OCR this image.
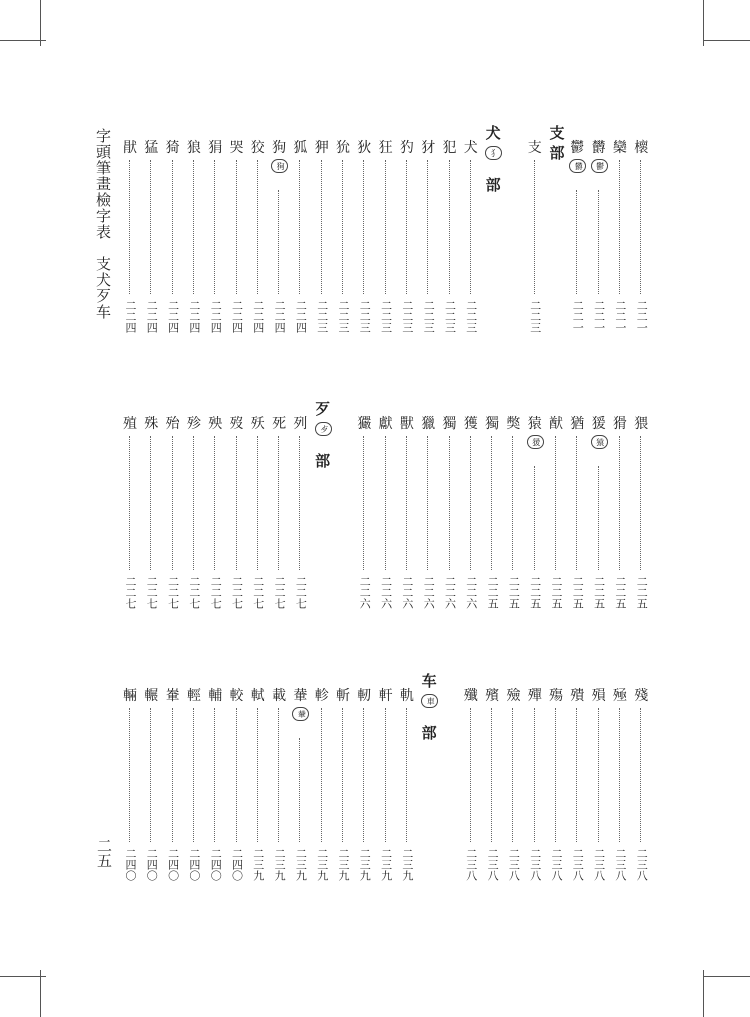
字頭筆畫檢字表　支犬歹车
二五
支
部
犬
犭
部
櫰
二二一
欒
二二一
欝
鬱
二二一
鬱
欝
二二一
支
二二三
犬
二二三
犯
二二三
犲
二二三
犳
二二三
狂
二二三
狄
二二三
狁
二二三
狎
二二三
狐
二二四
狗
狥
二二四
狡
二二四
哭
二二四
狷
二二四
狼
二二四
猗
二二四
猛
二二四
猒
二二四
歹
歺
部
猥
二二五
猾
二二五
猨
猿
二二五
猶
二二五
猷
二二五
猿
猨
二二五
獘
二二五
獨
二二五
獲
二二六
獨
二二六
獵
二二六
獸
二二六
獻
二二六
玁
二二六
列
二二七
死
二二七
殀
二二七
歿
二二七
殃
二二七
殄
二二七
殆
二二七
殊
二二七
殖
二二七
车
車
部
殘
二三八
殛
二三八
殞
二三八
殨
二三八
殤
二三八
殫
二三八
殮
二三八
殯
二三八
殲
二三八
軌
二三九
軒
二三九
軔
二三九
斬
二三九
軫
二三九
輂
輂
二三九
載
二三九
軾
二三九
較
二四〇
輔
二四〇
輕
二四〇
輋
二四〇
輾
二四〇
輛
二四〇
